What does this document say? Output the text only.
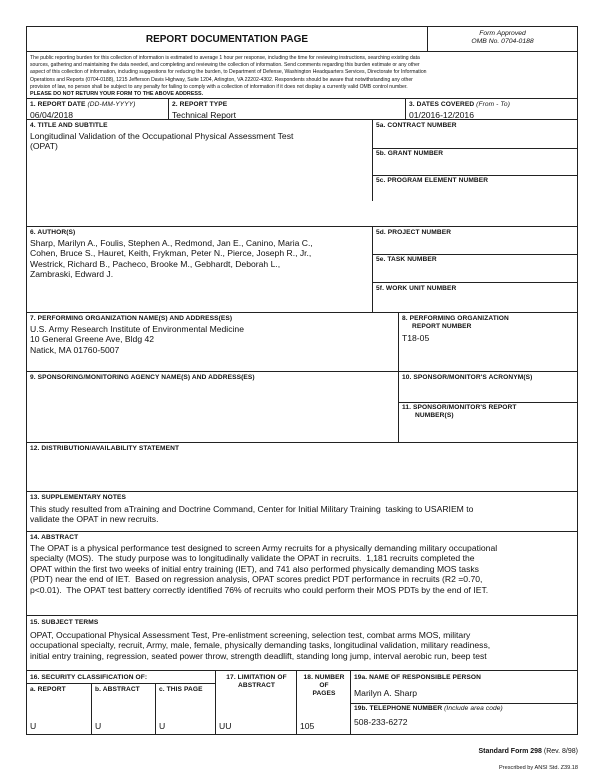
REPORT DOCUMENTATION PAGE
Form Approved
OMB No. 0704-0188
The public reporting burden for this collection of information is estimated to average 1 hour per response, including the time for reviewing instructions, searching existing data
sources, gathering and maintaining the data needed, and completing and reviewing the collection of information. Send comments regarding this burden estimate or any other
aspect of this collection of information, including suggestions for reducing the burden, to Department of Defense, Washington Headquarters Services, Directorate for Information
Operations and Reports (0704-0188), 1215 Jefferson Davis Highway, Suite 1204, Arlington, VA 22202-4302. Respondents should be aware that notwithstanding any other
provision of law, no person shall be subject to any penalty for failing to comply with a collection of information if it does not display a currently valid OMB control number.
PLEASE DO NOT RETURN YOUR FORM TO THE ABOVE ADDRESS.
1. REPORT DATE (DD-MM-YYYY)
06/04/2018
2. REPORT TYPE
Technical Report
3. DATES COVERED (From - To)
01/2016-12/2016
4. TITLE AND SUBTITLE
Longitudinal Validation of the Occupational Physical Assessment Test
(OPAT)
5a. CONTRACT NUMBER
5b. GRANT NUMBER
5c. PROGRAM ELEMENT NUMBER
6. AUTHOR(S)
Sharp, Marilyn A., Foulis, Stephen A., Redmond, Jan E., Canino, Maria C.,
Cohen, Bruce S., Hauret, Keith, Frykman, Peter N., Pierce, Joseph R., Jr.,
Westrick, Richard B., Pacheco, Brooke M., Gebhardt, Deborah L.,
Zambraski, Edward J.
5d. PROJECT NUMBER
5e. TASK NUMBER
5f. WORK UNIT NUMBER
7. PERFORMING ORGANIZATION NAME(S) AND ADDRESS(ES)
U.S. Army Research Institute of Environmental Medicine
10 General Greene Ave, Bldg 42
Natick, MA 01760-5007
8. PERFORMING ORGANIZATION
REPORT NUMBER
T18-05
9. SPONSORING/MONITORING AGENCY NAME(S) AND ADDRESS(ES)	10. SPONSOR/MONITOR'S ACRONYM(S)
11. SPONSOR/MONITOR'S REPORT
NUMBER(S)
12. DISTRIBUTION/AVAILABILITY STATEMENT
13. SUPPLEMENTARY NOTES
This study resulted from aTraining and Doctrine Command, Center for Initial Military Training  tasking to USARIEM to
validate the OPAT in new recruits.
14. ABSTRACT
The OPAT is a physical performance test designed to screen Army recruits for a physically demanding military occupational
specialty (MOS).  The study purpose was to longitudinally validate the OPAT in recruits.  1,181 recruits completed the
OPAT within the first two weeks of initial entry training (IET), and 741 also performed physically demanding MOS tasks
(PDT) near the end of IET.  Based on regression analysis, OPAT scores predict PDT performance in recruits (R2 =0.70,
p<0.01).  The OPAT test battery correctly identified 76% of recruits who could perform their MOS PDTs by the end of IET.
15. SUBJECT TERMS
OPAT, Occupational Physical Assessment Test, Pre-enlistment screening, selection test, combat arms MOS, military
occupational specialty, recruit, Army, male, female, physically demanding tasks, longitudinal validation, military readiness,
initial entry training, regression, seated power throw, strength deadlift, standing long jump, interval aerobic run, beep test
16. SECURITY CLASSIFICATION OF:
a. REPORT
U
b. ABSTRACT
U
c. THIS PAGE
U
17. LIMITATION OF
ABSTRACT
UU
18. NUMBER
OF
PAGES
105
19a. NAME OF RESPONSIBLE PERSON
Marilyn A. Sharp
19b. TELEPHONE NUMBER (Include area code)
508-233-6272

Standard Form 298 (Rev. 8/98)

Prescribed by ANSI Std. Z39.18
